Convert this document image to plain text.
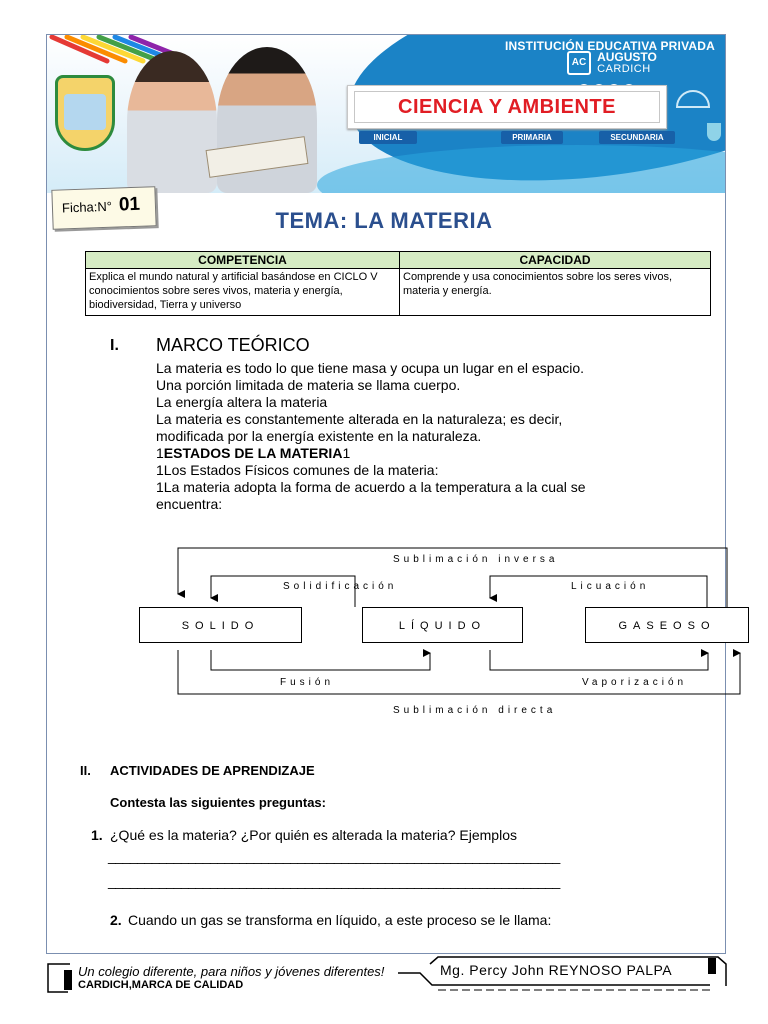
INSTITUCIÓN EDUCATIVA PRIVADA
AC AUGUSTO
CARDICH
CIENCIA Y AMBIENTE
INICIAL	PRIMARIA	SECUNDARIA
Ficha:N° 01
TEMA: LA MATERIA
COMPETENCIA	CAPACIDAD
Explica el mundo natural y artificial basándose en CICLO V conocimientos sobre seres vivos, materia y energía, biodiversidad, Tierra y universo	Comprende y usa conocimientos sobre los seres vivos, materia y energía.
I. MARCO TEÓRICO
La materia es todo lo que tiene masa y ocupa un lugar en el espacio.
Una porción limitada de materia se llama cuerpo.
La energía altera la materia
La materia es constantemente alterada en la naturaleza; es decir,
modificada por la energía existente en la naturaleza.
1ESTADOS DE LA MATERIA1
1Los Estados Físicos comunes de la materia:
1La materia adopta la forma de acuerdo a la temperatura a la cual se
encuentra:
SOLIDO	LÍQUIDO	GASEOSO
Sublimación inversa
Solidificación	Licuación
Fusión	Vaporización
Sublimación directa
II. ACTIVIDADES DE APRENDIZAJE
Contesta las siguientes preguntas:
1. ¿Qué es la materia? ¿Por quién es alterada la materia? Ejemplos
______________________________________________________________
______________________________________________________________
2. Cuando un gas se transforma en líquido, a este proceso se le llama:
Un colegio diferente, para niños y jóvenes diferentes!
CARDICH,MARCA DE CALIDAD
Mg. Percy John REYNOSO PALPA
